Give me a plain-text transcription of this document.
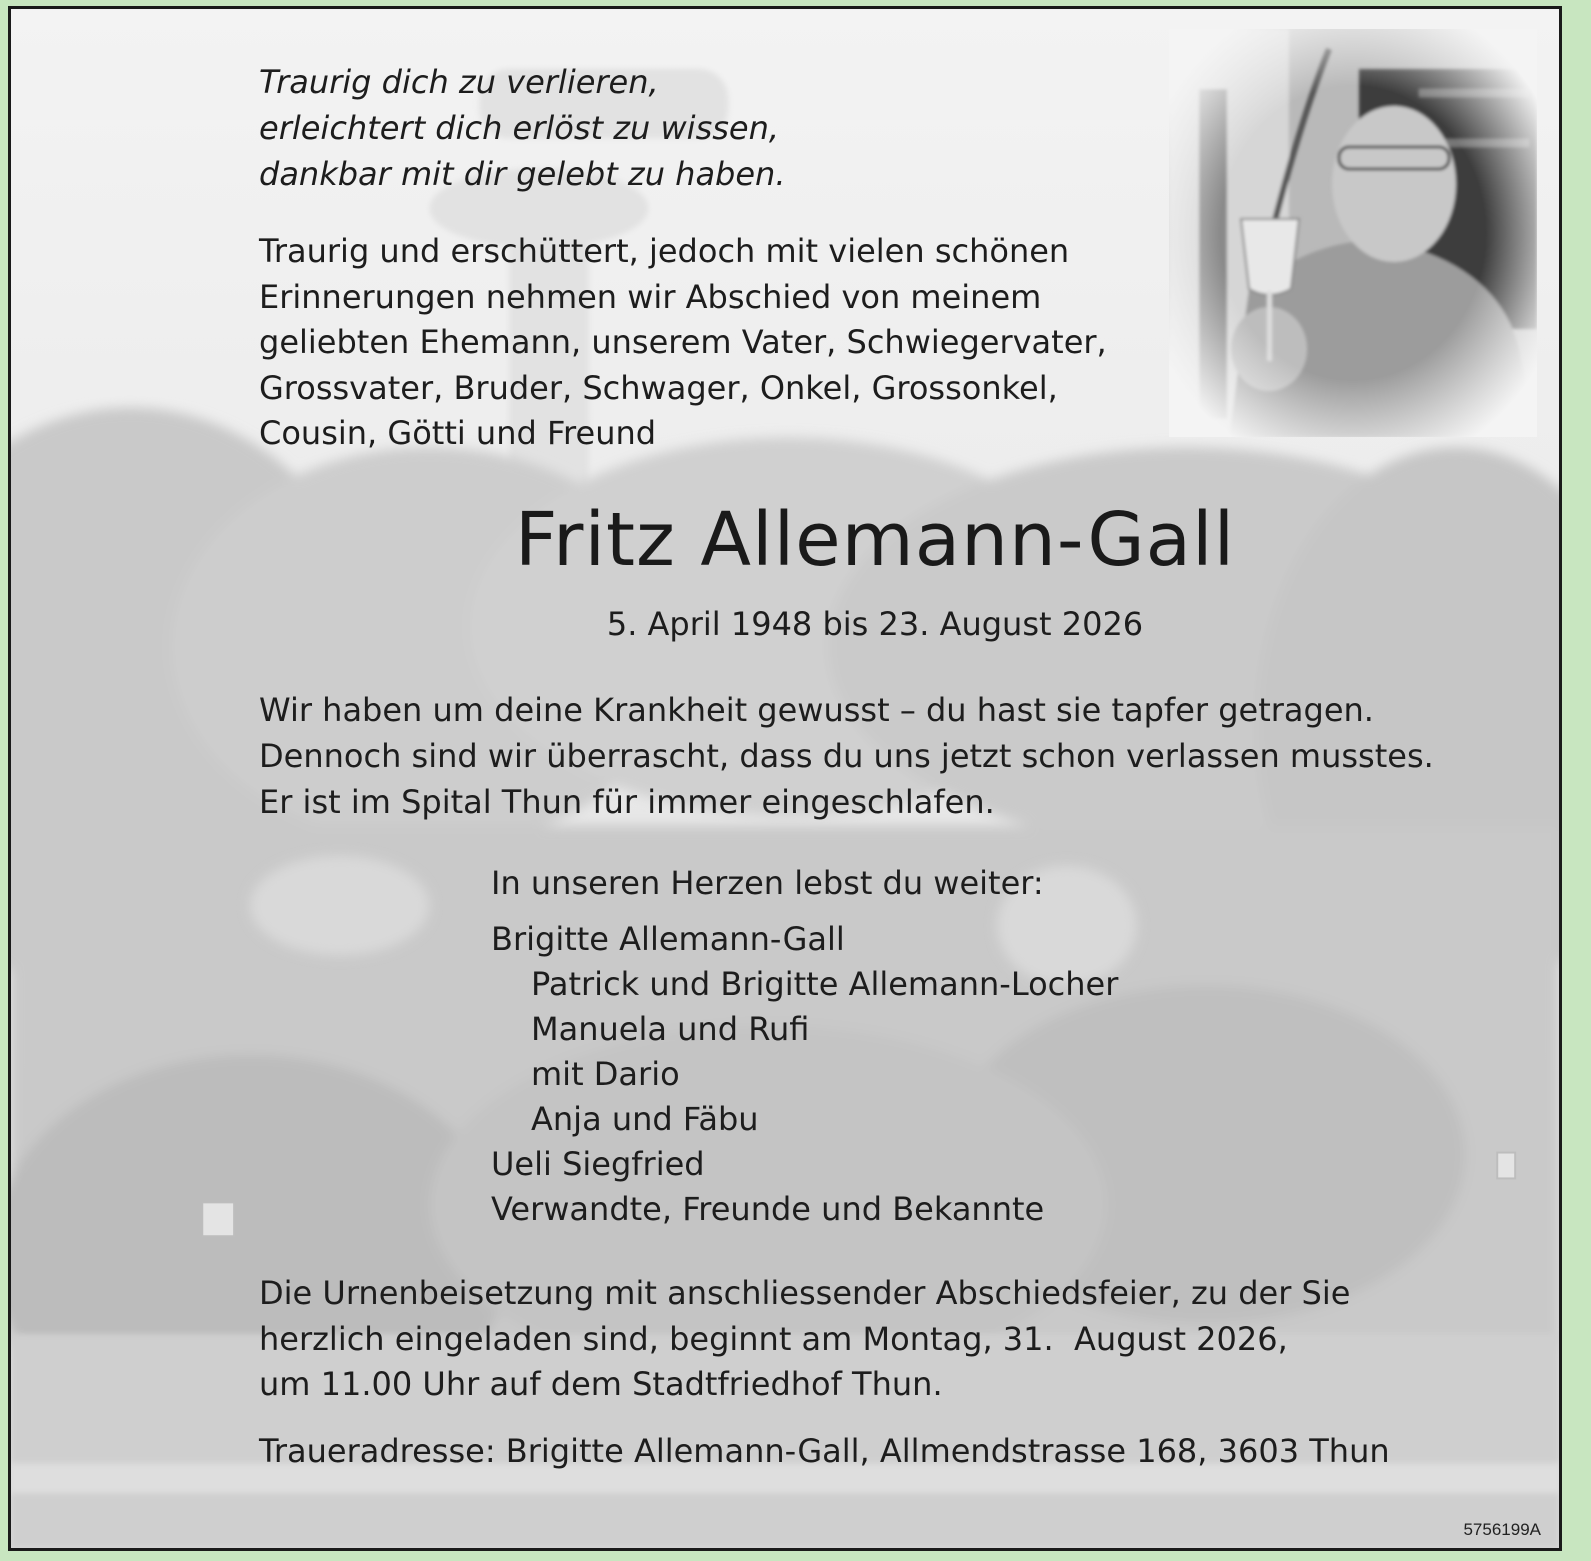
Traurig dich zu verlieren,
erleichtert dich erlöst zu wissen,
dankbar mit dir gelebt zu haben.

Traurig und erschüttert, jedoch mit vielen schönen
Erinnerungen nehmen wir Abschied von meinem
geliebten Ehemann, unserem Vater, Schwiegervater,
Grossvater, Bruder, Schwager, Onkel, Grossonkel,
Cousin, Götti und Freund

Fritz Allemann-Gall
5. April 1948 bis 23. August 2026

Wir haben um deine Krankheit gewusst – du hast sie tapfer getragen.
Dennoch sind wir überrascht, dass du uns jetzt schon verlassen musstes.
Er ist im Spital Thun für immer eingeschlafen.

In unseren Herzen lebst du weiter:

Brigitte Allemann-Gall
Patrick und Brigitte Allemann-Locher
Manuela und Rufi
mit Dario
Anja und Fäbu
Ueli Siegfried
Verwandte, Freunde und Bekannte

Die Urnenbeisetzung mit anschliessender Abschiedsfeier, zu der Sie
herzlich eingeladen sind, beginnt am Montag, 31.  August 2026,
um 11.00 Uhr auf dem Stadtfriedhof Thun.

Traueradresse: Brigitte Allemann-Gall, Allmendstrasse 168, 3603 Thun

5756199A
